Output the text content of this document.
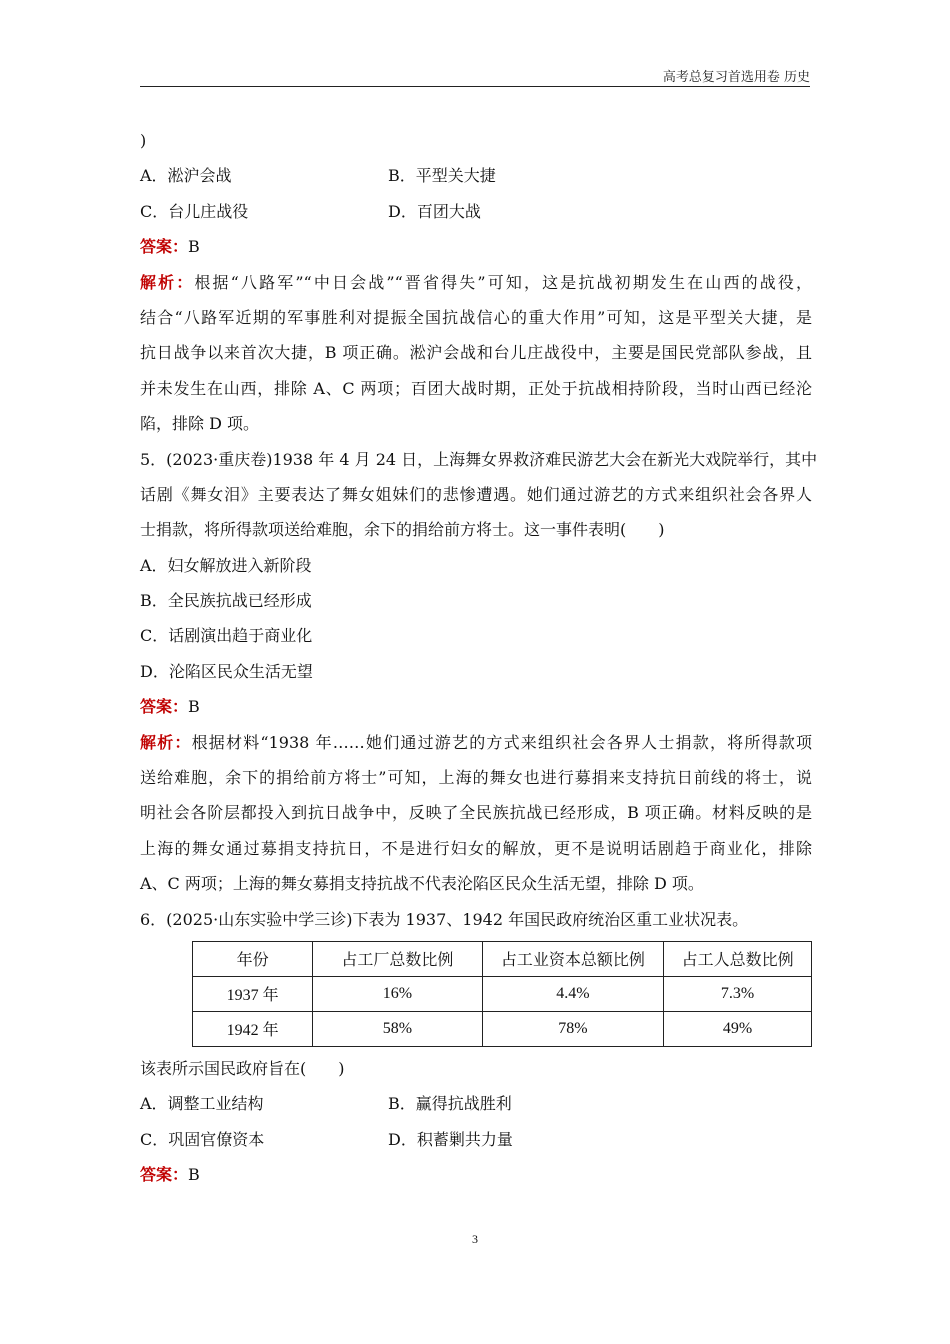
高考总复习首选用卷 历史
)
A．淞沪会战	B．平型关大捷
C．台儿庄战役	D．百团大战
答案：B
解析：根据“八路军”“中日会战”“晋省得失”可知，这是抗战初期发生在山西的战役，
结合“八路军近期的军事胜利对提振全国抗战信心的重大作用”可知，这是平型关大捷，是
抗日战争以来首次大捷，B 项正确。淞沪会战和台儿庄战役中，主要是国民党部队参战，且
并未发生在山西，排除 A、C 两项；百团大战时期，正处于抗战相持阶段，当时山西已经沦
陷，排除 D 项。
5．(2023·重庆卷)1938 年 4 月 24 日，上海舞女界救济难民游艺大会在新光大戏院举行，其中
话剧《舞女泪》主要表达了舞女姐妹们的悲惨遭遇。她们通过游艺的方式来组织社会各界人
士捐款，将所得款项送给难胞，余下的捐给前方将士。这一事件表明(　　)
A．妇女解放进入新阶段
B．全民族抗战已经形成
C．话剧演出趋于商业化
D．沦陷区民众生活无望
答案：B
解析：根据材料“1938 年……她们通过游艺的方式来组织社会各界人士捐款，将所得款项
送给难胞，余下的捐给前方将士”可知，上海的舞女也进行募捐来支持抗日前线的将士，说
明社会各阶层都投入到抗日战争中，反映了全民族抗战已经形成，B 项正确。材料反映的是
上海的舞女通过募捐支持抗日，不是进行妇女的解放，更不是说明话剧趋于商业化，排除
A、C 两项；上海的舞女募捐支持抗战不代表沦陷区民众生活无望，排除 D 项。
6．(2025·山东实验中学三诊)下表为 1937、1942 年国民政府统治区重工业状况表。
年份	占工厂总数比例	占工业资本总额比例	占工人总数比例
1937 年	16%	4.4%	7.3%
1942 年	58%	78%	49%
该表所示国民政府旨在(　　)
A．调整工业结构	B．赢得抗战胜利
C．巩固官僚资本	D．积蓄剿共力量
答案：B
3
